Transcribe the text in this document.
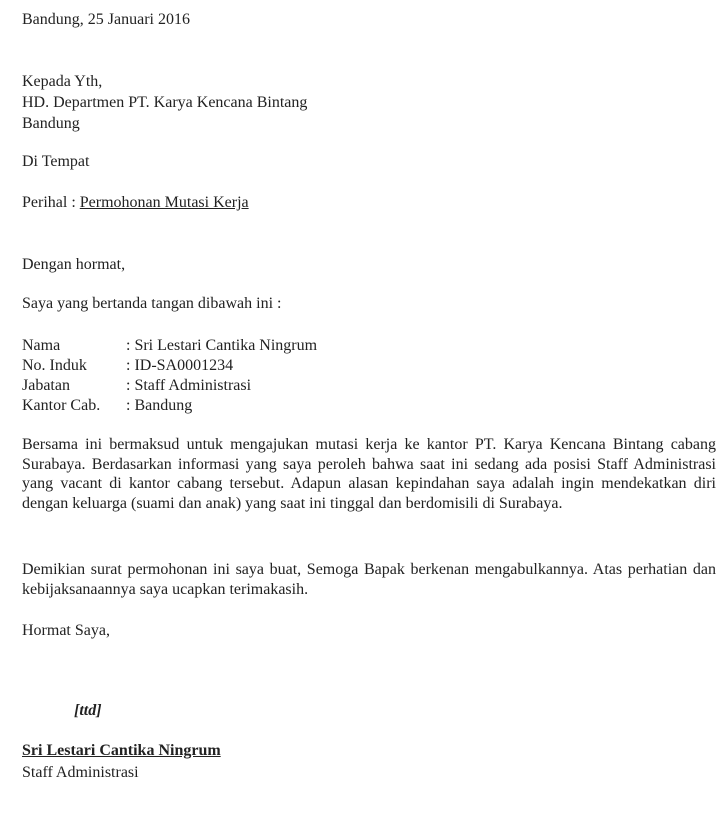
Bandung, 25 Januari 2016
Kepada Yth,
HD. Departmen PT. Karya Kencana Bintang
Bandung
Di Tempat
Perihal : Permohonan Mutasi Kerja
Dengan hormat,
Saya yang bertanda tangan dibawah ini :
Nama	: Sri Lestari Cantika Ningrum
No. Induk : ID-SA0001234
Jabatan	: Staff Administrasi
Kantor Cab. : Bandung
Bersama ini bermaksud untuk mengajukan mutasi kerja ke kantor PT. Karya Kencana Bintang cabang Surabaya. Berdasarkan informasi yang saya peroleh bahwa saat ini sedang ada posisi Staff Administrasi yang vacant di kantor cabang tersebut. Adapun alasan kepindahan saya adalah ingin mendekatkan diri dengan keluarga (suami dan anak) yang saat ini tinggal dan berdomisili di Surabaya.
Demikian surat permohonan ini saya buat, Semoga Bapak berkenan mengabulkannya. Atas perhatian dan kebijaksanaannya saya ucapkan terimakasih.
Hormat Saya,
[ttd]
Sri Lestari Cantika Ningrum
Staff Administrasi
